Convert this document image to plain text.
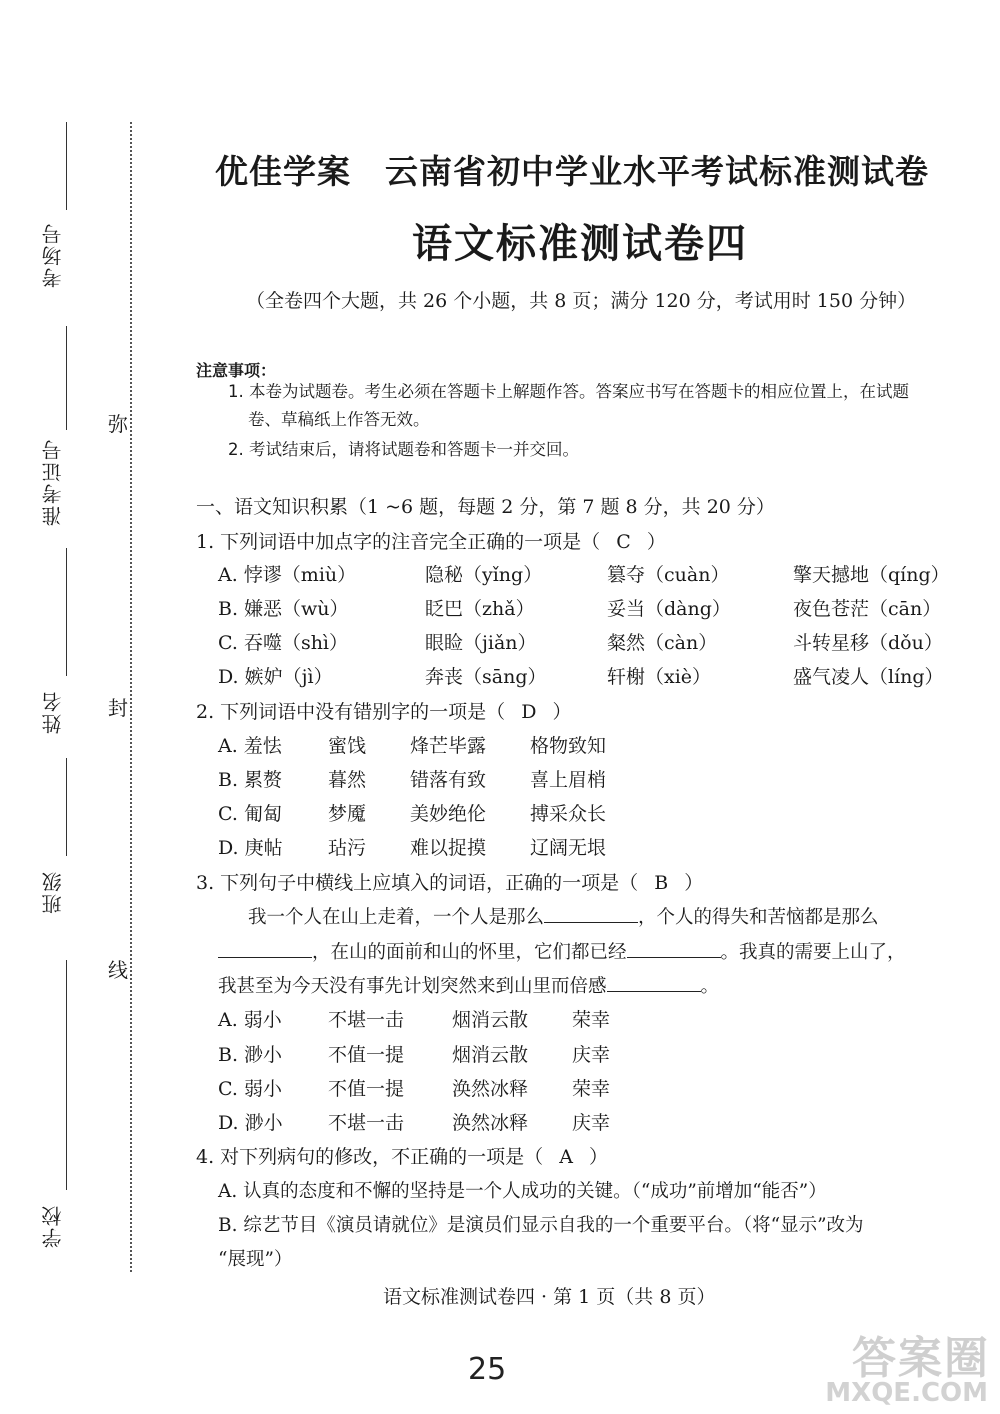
考场号
准考证号
姓名
班级
学校
弥
封
线
优佳学案　云南省初中学业水平考试标准测试卷
语文标准测试卷四
（全卷四个大题，共 26 个小题，共 8 页；满分 120 分，考试用时 150 分钟）
注意事项：
1. 本卷为试题卷。考生必须在答题卡上解题作答。答案应书写在答题卡的相应位置上，在试题
卷、草稿纸上作答无效。
2. 考试结束后，请将试题卷和答题卡一并交回。
一、语文知识积累（1 ~6 题，每题 2 分，第 7 题 8 分，共 20 分）
1. 下列词语中加点字的注音完全正确的一项是（ C ）
A. 悖谬（miù）	隐秘（yǐng）	篡夺（cuàn）	擎天撼地（qíng）
B. 嫌恶（wù）	眨巴（zhǎ）	妥当（dàng）	夜色苍茫（cān）
C. 吞噬（shì）	眼睑（jiǎn）	粲然（càn）	斗转星移（dǒu）
D. 嫉妒（jì）	奔丧（sāng）	轩榭（xiè）	盛气凌人（líng）
2. 下列词语中没有错别字的一项是（ D ）
A. 羞怯 蜜饯 烽芒毕露 格物致知
B. 累赘 暮然 错落有致 喜上眉梢
C. 匍匐 梦魇 美妙绝伦 搏采众长
D. 庚帖 玷污 难以捉摸 辽阔无垠
3. 下列句子中横线上应填入的词语，正确的一项是（ B ）
我一个人在山上走着，一个人是那么	，个人的得失和苦恼都是那么
，在山的面前和山的怀里，它们都已经	。我真的需要上山了，
我甚至为今天没有事先计划突然来到山里而倍感	。
A. 弱小 不堪一击	烟消云散 荣幸
B. 渺小 不值一提	烟消云散 庆幸
C. 弱小 不值一提	涣然冰释 荣幸
D. 渺小 不堪一击	涣然冰释 庆幸
4. 对下列病句的修改，不正确的一项是（ A ）
A. 认真的态度和不懈的坚持是一个人成功的关键。（“成功”前增加“能否”）
B. 综艺节目《演员请就位》是演员们显示自我的一个重要平台。（将“显示”改为
“展现”）
语文标准测试卷四 · 第 1 页（共 8 页）
25	答案圈
MXQE.COM
